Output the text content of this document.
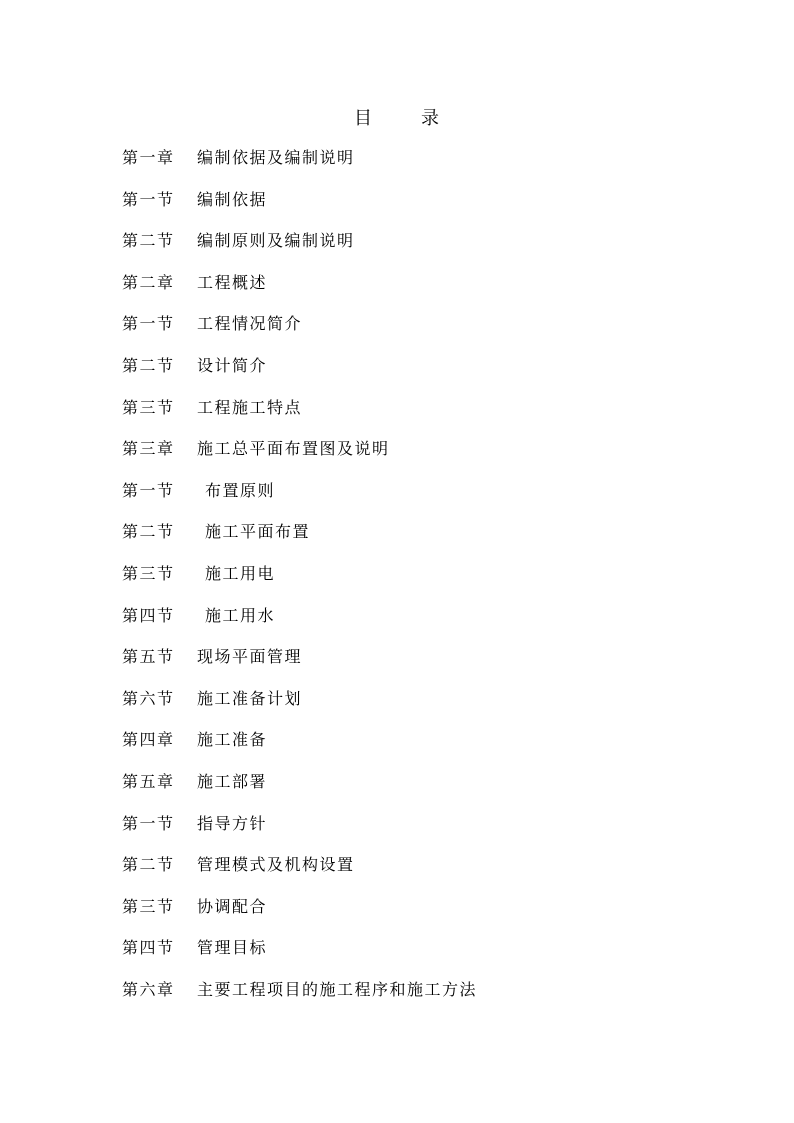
目	录
第一章 编制依据及编制说明
第一节 编制依据
第二节 编制原则及编制说明
第二章 工程概述
第一节 工程情况简介
第二节 设计简介
第三节 工程施工特点
第三章 施工总平面布置图及说明
第一节 布置原则
第二节 施工平面布置
第三节 施工用电
第四节 施工用水
第五节 现场平面管理
第六节 施工准备计划
第四章 施工准备
第五章 施工部署
第一节 指导方针
第二节 管理模式及机构设置
第三节 协调配合
第四节 管理目标
第六章 主要工程项目的施工程序和施工方法
